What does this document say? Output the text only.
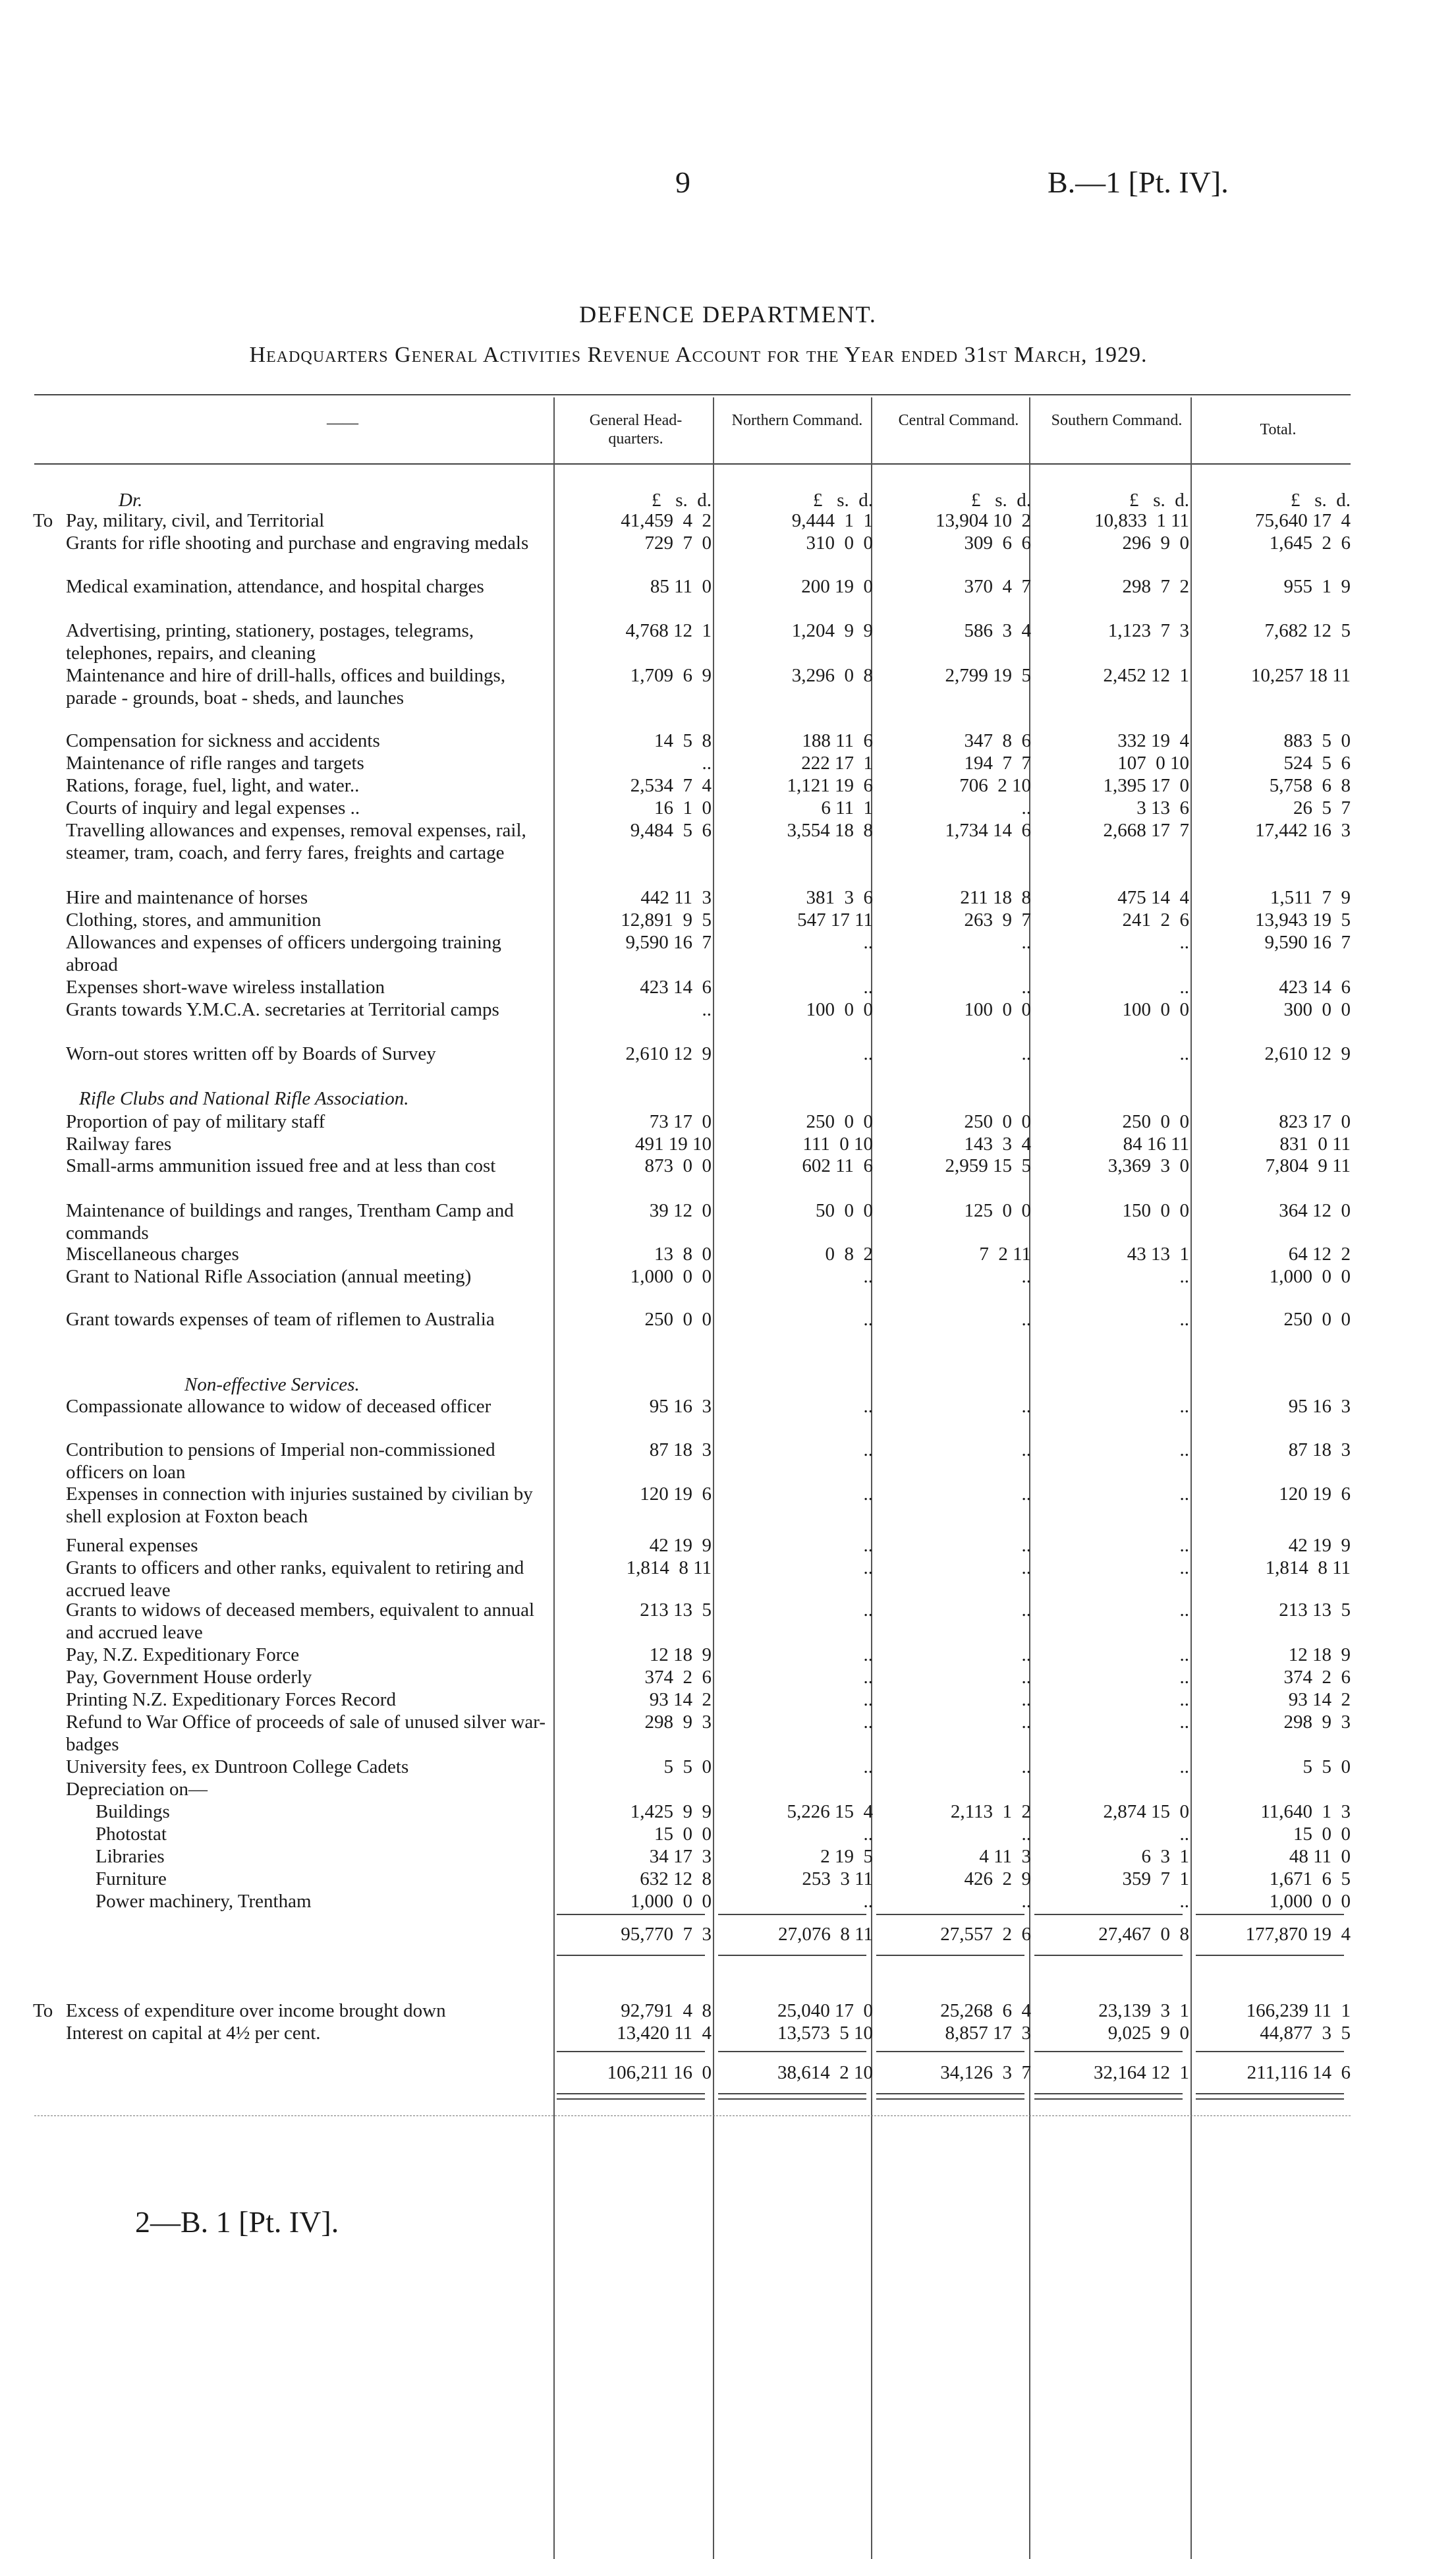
9	B.—1 [Pt. IV].
DEFENCE DEPARTMENT.
Headquarters General Activities Revenue Account for the Year ended 31st March, 1929.
——	General Head-quarters.
Northern Command.	Central Command.	Southern Command.
Total.
2—B. 1 [Pt. IV].
£   s.  d.	£   s.  d.	£   s.  d.	£   s.  d.	£   s.  d.
Dr.
To Pay, military, civil, and Territorial	41,459  4  2	9,444  1  1	13,904 10  2	10,833  1 11	75,640 17  4
Grants for rifle shooting and purchase and engraving medals	729  7  0	310  0  0	309  6  6	296  9  0	1,645  2  6
Medical examination, attendance, and hospital charges	85 11  0	200 19  0	370  4  7	298  7  2	955  1  9
Advertising, printing, stationery, postages, telegrams, telephones, repairs, and cleaning
4,768 12  1	1,204  9  9	586  3  4	1,123  7  3	7,682 12  5
Maintenance and hire of drill-halls, offices and buildings, parade - grounds, boat - sheds, and launches
1,709  6  9	3,296  0  8	2,799 19  5	2,452 12  1	10,257 18 11
Compensation for sickness and accidents	14  5  8	188 11  6	347  8  6	332 19  4	883  5  0
Maintenance of rifle ranges and targets	..	222 17  1	194  7  7	107  0 10	524  5  6
Rations, forage, fuel, light, and water..	2,534  7  4	1,121 19  6	706  2 10	1,395 17  0	5,758  6  8
Courts of inquiry and legal expenses ..	16  1  0	6 11  1	..	3 13  6	26  5  7
Travelling allowances and expenses, removal expenses, rail, steamer, tram, coach, and ferry fares, freights and cartage
9,484  5  6	3,554 18  8	1,734 14  6	2,668 17  7	17,442 16  3
Hire and maintenance of horses	442 11  3	381  3  6	211 18  8	475 14  4	1,511  7  9
Clothing, stores, and ammunition	12,891  9  5	547 17 11	263  9  7	241  2  6	13,943 19  5
Allowances and expenses of officers undergoing training abroad
9,590 16  7	..	..	..	9,590 16  7
Expenses short-wave wireless installation	423 14  6	..	..	..	423 14  6
Grants towards Y.M.C.A. secretaries at Territorial camps	..	100  0  0	100  0  0	100  0  0	300  0  0
Worn-out stores written off by Boards of Survey	2,610 12  9	..	..	..	2,610 12  9
Proportion of pay of military staff	73 17  0	250  0  0	250  0  0	250  0  0	823 17  0
Railway fares	491 19 10	111  0 10	143  3  4	84 16 11	831  0 11
Small-arms ammunition issued free and at less than cost	873  0  0	602 11  6	2,959 15  5	3,369  3  0	7,804  9 11
Maintenance of buildings and ranges, Trentham Camp and commands
39 12  0	50  0  0	125  0  0	150  0  0	364 12  0
Miscellaneous charges	13  8  0	0  8  2	7  2 11	43 13  1	64 12  2
Grant to National Rifle Association (annual meeting)	1,000  0  0	..	..	..	1,000  0  0
Grant towards expenses of team of riflemen to Australia	250  0  0	..	..	..	250  0  0
Compassionate allowance to widow of deceased officer	95 16  3	..	..	..	95 16  3
Contribution to pensions of Imperial non-commissioned officers on loan
87 18  3	..	..	..	87 18  3
Expenses in connection with injuries sustained by civilian by shell explosion at Foxton beach
120 19  6	..	..	..	120 19  6
Funeral expenses	42 19  9	..	..	..	42 19  9
Grants to officers and other ranks, equivalent to retiring and accrued leave
1,814  8 11	..	..	..	1,814  8 11
Grants to widows of deceased members, equivalent to annual and accrued leave
213 13  5	..	..	..	213 13  5
Pay, N.Z. Expeditionary Force	12 18  9	..	..	..	12 18  9
Pay, Government House orderly	374  2  6	..	..	..	374  2  6
Printing N.Z. Expeditionary Forces Record	93 14  2	..	..	..	93 14  2
Refund to War Office of proceeds of sale of unused silver war-badges
298  9  3	..	..	..	298  9  3
University fees, ex Duntroon College Cadets	5  5  0	..	..	..	5  5  0
Depreciation on—
Buildings	1,425  9  9	5,226 15  4	2,113  1  2	2,874 15  0	11,640  1  3
Photostat	15  0  0	..	..	..	15  0  0
Libraries	34 17  3	2 19  5	4 11  3	6  3  1	48 11  0
Furniture	632 12  8	253  3 11	426  2  9	359  7  1	1,671  6  5
Power machinery, Trentham	1,000  0  0	..	..	..	1,000  0  0
Rifle Clubs and National Rifle Association.
Non-effective Services.
95,770  7  3	27,076  8 11	27,557  2  6	27,467  0  8	177,870 19  4
To Excess of expenditure over income brought down	92,791  4  8	25,040 17  0	25,268  6  4	23,139  3  1	166,239 11  1
Interest on capital at 4½ per cent.	13,420 11  4	13,573  5 10	8,857 17  3	9,025  9  0	44,877  3  5
106,211 16  0	38,614  2 10	34,126  3  7	32,164 12  1	211,116 14  6
